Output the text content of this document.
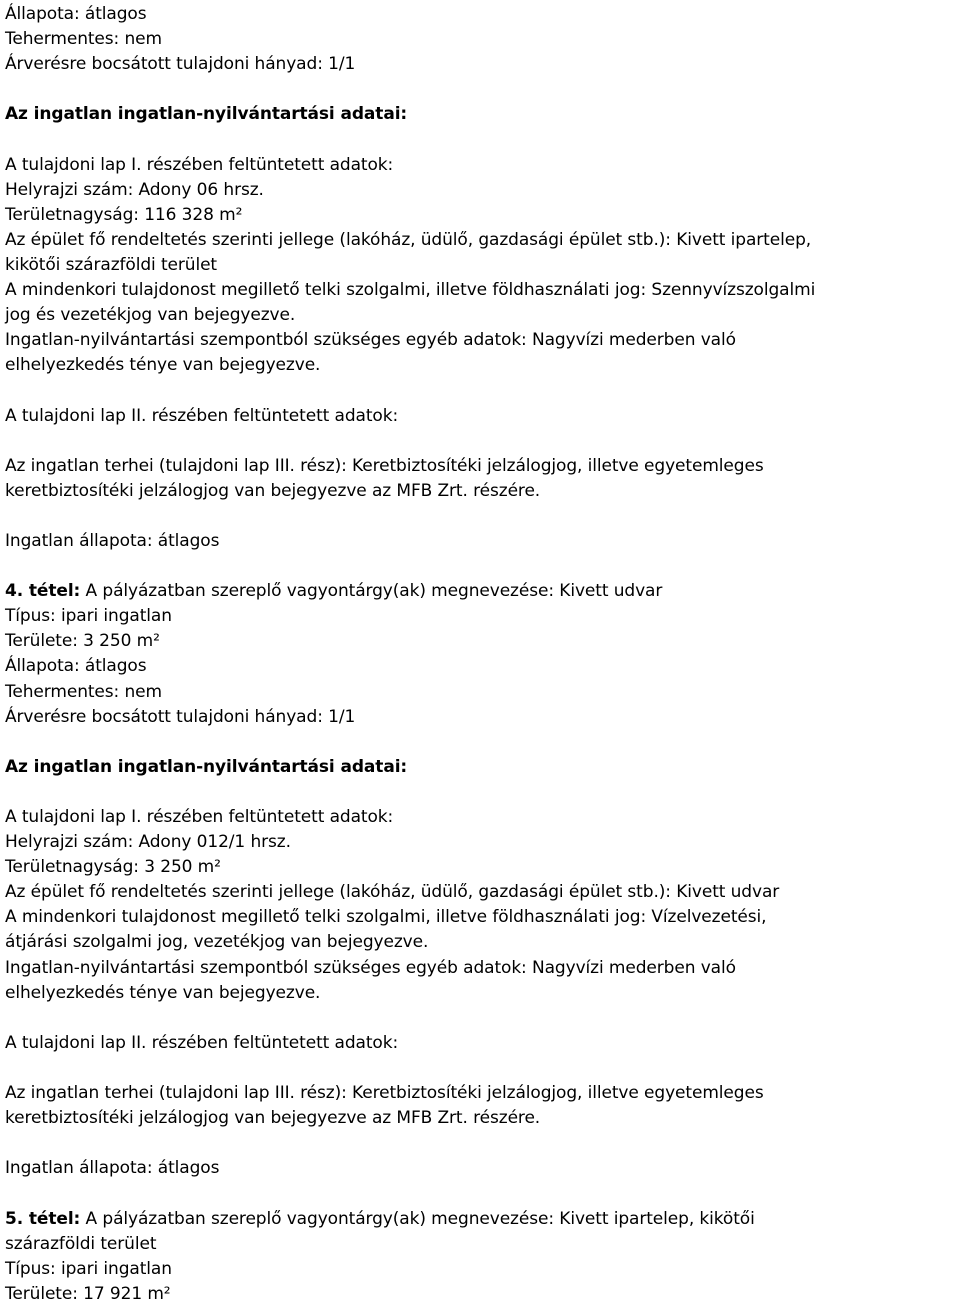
Állapota: átlagos

Tehermentes: nem

Árverésre bocsátott tulajdoni hányad: 1/1

Az ingatlan ingatlan-nyilvántartási adatai:

A tulajdoni lap I. részében feltüntetett adatok:

Helyrajzi szám: Adony 06 hrsz.

Területnagyság: 116 328 m²

Az épület fő rendeltetés szerinti jellege (lakóház, üdülő, gazdasági épület stb.): Kivett ipartelep,

kikötői szárazföldi terület

A mindenkori tulajdonost megillető telki szolgalmi, illetve földhasználati jog: Szennyvízszolgalmi

jog és vezetékjog van bejegyezve.

Ingatlan-nyilvántartási szempontból szükséges egyéb adatok: Nagyvízi mederben való

elhelyezkedés ténye van bejegyezve.

A tulajdoni lap II. részében feltüntetett adatok:

Az ingatlan terhei (tulajdoni lap III. rész): Keretbiztosítéki jelzálogjog, illetve egyetemleges

keretbiztosítéki jelzálogjog van bejegyezve az MFB Zrt. részére.

Ingatlan állapota: átlagos

4. tétel: A pályázatban szereplő vagyontárgy(ak) megnevezése: Kivett udvar

Típus: ipari ingatlan

Területe: 3 250 m²

Állapota: átlagos

Tehermentes: nem

Árverésre bocsátott tulajdoni hányad: 1/1

Az ingatlan ingatlan-nyilvántartási adatai:

A tulajdoni lap I. részében feltüntetett adatok:

Helyrajzi szám: Adony 012/1 hrsz.

Területnagyság: 3 250 m²

Az épület fő rendeltetés szerinti jellege (lakóház, üdülő, gazdasági épület stb.): Kivett udvar

A mindenkori tulajdonost megillető telki szolgalmi, illetve földhasználati jog: Vízelvezetési,

átjárási szolgalmi jog, vezetékjog van bejegyezve.

Ingatlan-nyilvántartási szempontból szükséges egyéb adatok: Nagyvízi mederben való

elhelyezkedés ténye van bejegyezve.

A tulajdoni lap II. részében feltüntetett adatok:

Az ingatlan terhei (tulajdoni lap III. rész): Keretbiztosítéki jelzálogjog, illetve egyetemleges

keretbiztosítéki jelzálogjog van bejegyezve az MFB Zrt. részére.

Ingatlan állapota: átlagos

5. tétel: A pályázatban szereplő vagyontárgy(ak) megnevezése: Kivett ipartelep, kikötői

szárazföldi terület

Típus: ipari ingatlan

Területe: 17 921 m²
